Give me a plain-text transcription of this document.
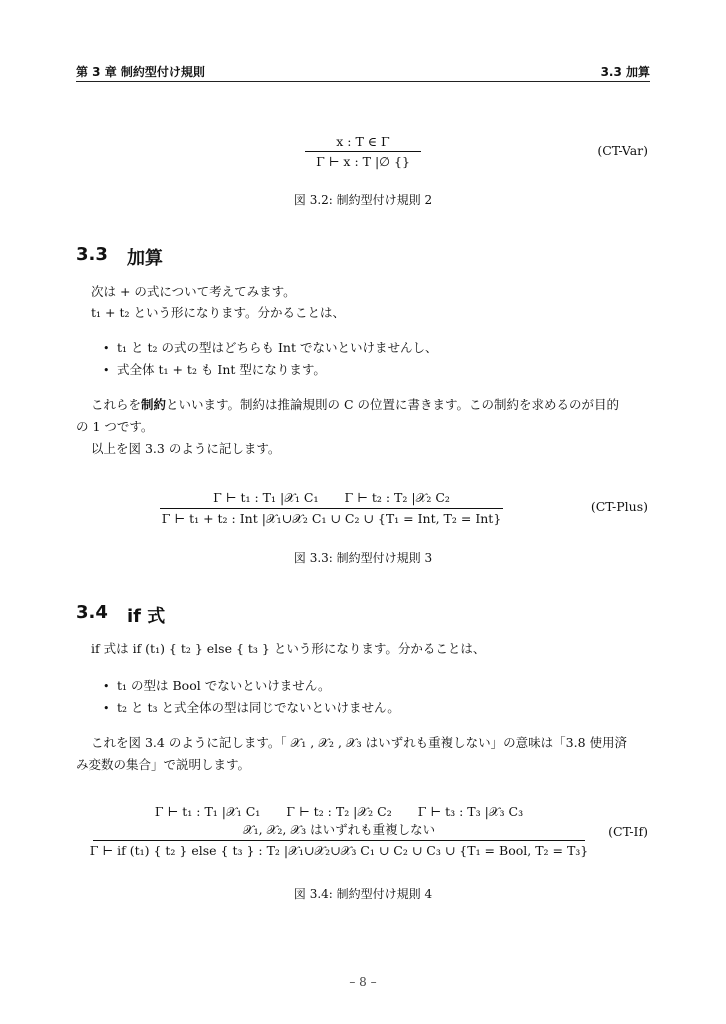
第 3 章 制約型付け規則	3.3 加算
x : T ∈ Γ
Γ ⊢ x : T |∅ {}
(CT-Var)
図 3.2: 制約型付け規則 2
3.3 加算
次は + の式について考えてみます。
t₁ + t₂ という形になります。分かることは、
• t₁ と t₂ の式の型はどちらも Int でないといけませんし、
• 式全体 t₁ + t₂ も Int 型になります。
これらを制約といいます。制約は推論規則の C の位置に書きます。この制約を求めるのが目的
の 1 つです。
以上を図 3.3 のように記します。
Γ ⊢ t₁ : T₁ |𝒳₁ C₁ Γ ⊢ t₂ : T₂ |𝒳₂ C₂
Γ ⊢ t₁ + t₂ : Int |𝒳₁∪𝒳₂ C₁ ∪ C₂ ∪ {T₁ = Int, T₂ = Int}
(CT-Plus)
図 3.3: 制約型付け規則 3
3.4 if 式
if 式は if (t₁) { t₂ } else { t₃ } という形になります。分かることは、
• t₁ の型は Bool でないといけません。
• t₂ と t₃ と式全体の型は同じでないといけません。
これを図 3.4 のように記します。「 𝒳₁ , 𝒳₂ , 𝒳₃ はいずれも重複しない」の意味は「3.8 使用済
み変数の集合」で説明します。
Γ ⊢ t₁ : T₁ |𝒳₁ C₁ Γ ⊢ t₂ : T₂ |𝒳₂ C₂ Γ ⊢ t₃ : T₃ |𝒳₃ C₃
𝒳₁, 𝒳₂, 𝒳₃ はいずれも重複しない
Γ ⊢ if (t₁) { t₂ } else { t₃ } : T₂ |𝒳₁∪𝒳₂∪𝒳₃ C₁ ∪ C₂ ∪ C₃ ∪ {T₁ = Bool, T₂ = T₃}
(CT-If)
図 3.4: 制約型付け規則 4
– 8 –
